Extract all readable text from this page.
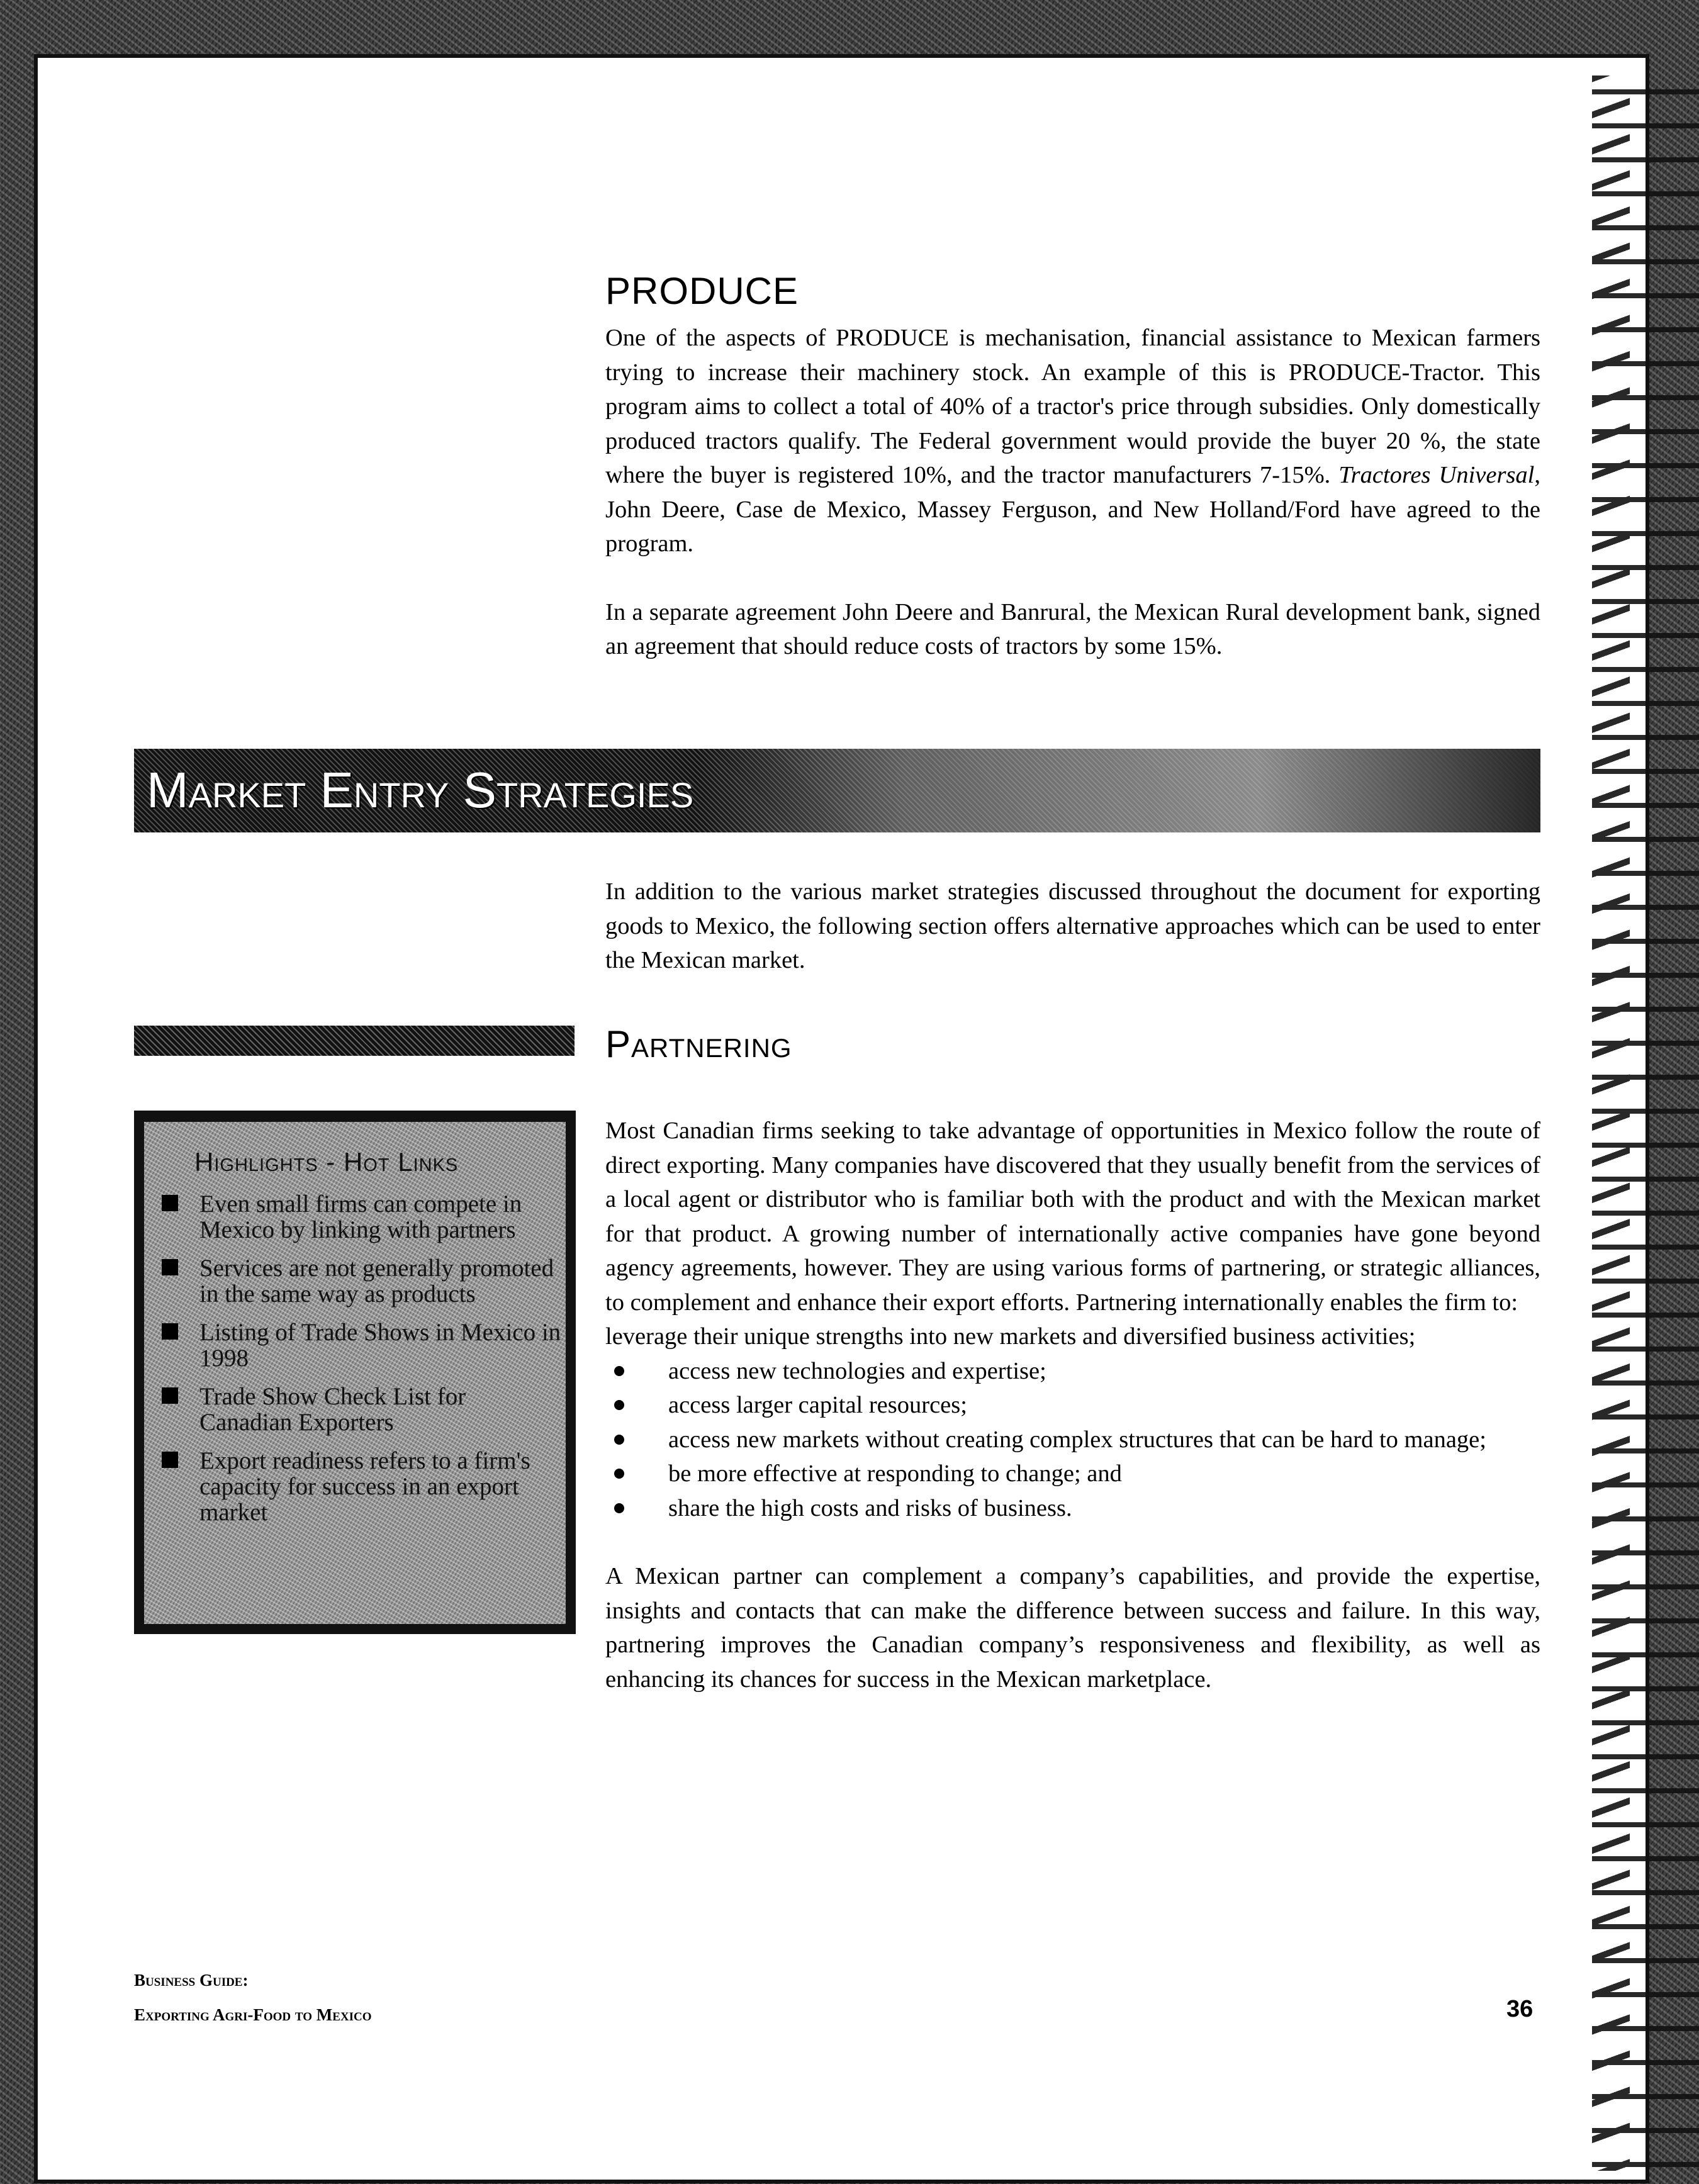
PRODUCE

One of the aspects of PRODUCE is mechanisation, financial assistance to Mexican farmers trying to increase their machinery stock. An example of this is PRODUCE-Tractor. This program aims to collect a total of 40% of a tractor's price through subsidies. Only domestically produced tractors qualify. The Federal government would provide the buyer 20 %, the state where the buyer is registered 10%, and the tractor manufacturers 7-15%. Tractores Universal, John Deere, Case de Mexico, Massey Ferguson, and New Holland/Ford have agreed to the program.

In a separate agreement John Deere and Banrural, the Mexican Rural development bank, signed an agreement that should reduce costs of tractors by some 15%.

Market Entry Strategies

In addition to the various market strategies discussed throughout the document for exporting goods to Mexico, the following section offers alternative approaches which can be used to enter the Mexican market.

Partnering
Highlights - Hot Links
Even small firms can compete in Mexico by linking with partners
Services are not generally promoted in the same way as products
Listing of Trade Shows in Mexico in 1998
Trade Show Check List for Canadian Exporters
Export readiness refers to a firm's capacity for success in an export market

Most Canadian firms seeking to take advantage of opportunities in Mexico follow the route of direct exporting. Many companies have discovered that they usually benefit from the services of a local agent or distributor who is familiar both with the product and with the Mexican market for that product. A growing number of internationally active companies have gone beyond agency agreements, however. They are using various forms of partnering, or strategic alliances, to complement and enhance their export efforts. Partnering internationally enables the firm to:

leverage their unique strengths into new markets and diversified business activities;

access new technologies and expertise;
access larger capital resources;
access new markets without creating complex structures that can be hard to manage;
be more effective at responding to change; and
share the high costs and risks of business.

A Mexican partner can complement a company’s capabilities, and provide the expertise, insights and contacts that can make the difference between success and failure. In this way, partnering improves the Canadian company’s responsiveness and flexibility, as well as enhancing its chances for success in the Mexican marketplace.

Business Guide:
Exporting Agri-Food to Mexico	36
